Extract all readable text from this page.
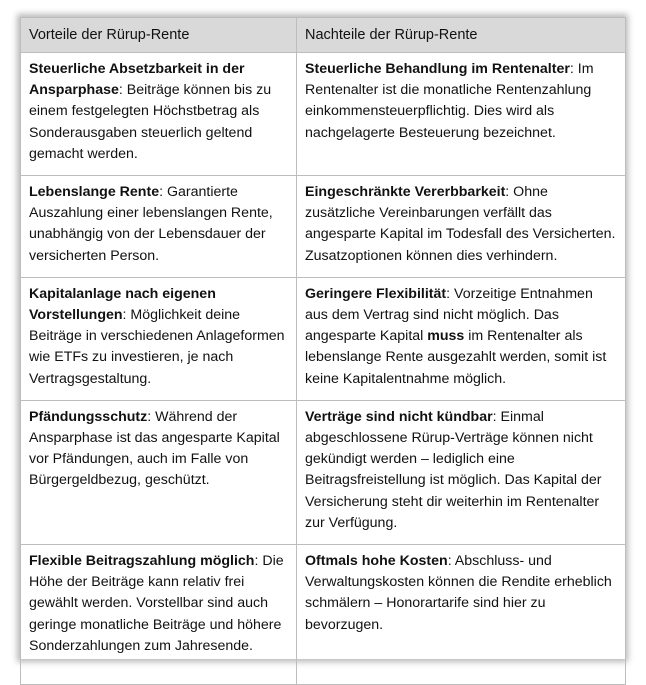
Vorteile der Rürup-Rente	Nachteile der Rürup-Rente
Steuerliche Absetzbarkeit in der Ansparphase: Beiträge können bis zu einem festgelegten Höchstbetrag als Sonderausgaben steuerlich geltend gemacht werden.	Steuerliche Behandlung im Rentenalter: Im Rentenalter ist die monatliche Rentenzahlung einkommensteuerpflichtig. Dies wird als nachgelagerte Besteuerung bezeichnet.
Lebenslange Rente: Garantierte Auszahlung einer lebenslangen Rente, unabhängig von der Lebensdauer der versicherten Person.	Eingeschränkte Vererbbarkeit: Ohne zusätzliche Vereinbarungen verfällt das angesparte Kapital im Todesfall des Versicherten. Zusatzoptionen können dies verhindern.
Kapitalanlage nach eigenen Vorstellungen: Möglichkeit deine Beiträge in verschiedenen Anlageformen wie ETFs zu investieren, je nach Vertragsgestaltung.	Geringere Flexibilität: Vorzeitige Entnahmen aus dem Vertrag sind nicht möglich. Das angesparte Kapital muss im Rentenalter als lebenslange Rente ausgezahlt werden, somit ist keine Kapitalentnahme möglich.
Pfändungsschutz: Während der Ansparphase ist das angesparte Kapital vor Pfändungen, auch im Falle von Bürgergeldbezug, geschützt.	Verträge sind nicht kündbar: Einmal abgeschlossene Rürup-Verträge können nicht gekündigt werden – lediglich eine Beitragsfreistellung ist möglich. Das Kapital der Versicherung steht dir weiterhin im Rentenalter zur Verfügung.
Flexible Beitragszahlung möglich: Die Höhe der Beiträge kann relativ frei gewählt werden. Vorstellbar sind auch geringe monatliche Beiträge und höhere Sonderzahlungen zum Jahresende.	Oftmals hohe Kosten: Abschluss- und Verwaltungskosten können die Rendite erheblich schmälern – Honorartarife sind hier zu bevorzugen.
